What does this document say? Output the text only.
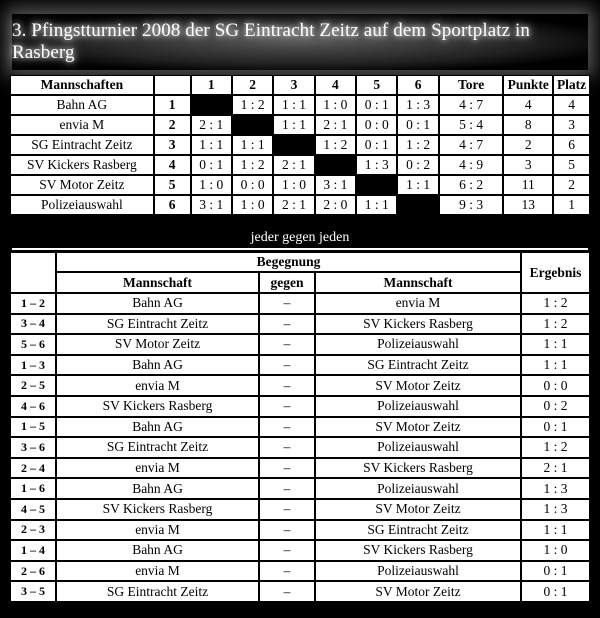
3. Pfingstturnier 2008 der SG Eintracht Zeitz auf dem Sportplatz in Rasberg
Mannschaften		1	2	3	4	5	6	Tore	Punkte	Platz
Bahn AG	1		1 : 2	1 : 1	1 : 0	0 : 1	1 : 3	4 : 7	4	4
envia M	2	2 : 1		1 : 1	2 : 1	0 : 0	0 : 1	5 : 4	8	3
SG Eintracht Zeitz	3	1 : 1	1 : 1		1 : 2	0 : 1	1 : 2	4 : 7	2	6
SV Kickers Rasberg	4	0 : 1	1 : 2	2 : 1		1 : 3	0 : 2	4 : 9	3	5
SV Motor Zeitz	5	1 : 0	0 : 0	1 : 0	3 : 1		1 : 1	6 : 2	11	2
Polizeiauswahl	6	3 : 1	1 : 0	2 : 1	2 : 0	1 : 1		9 : 3	13	1
jeder gegen jeden
	Begegnung			Ergebnis
	Mannschaft	gegen	Mannschaft	
1 – 2	Bahn AG	–	envia M	1 : 2
3 – 4	SG Eintracht Zeitz	–	SV Kickers Rasberg	1 : 2
5 – 6	SV Motor Zeitz	–	Polizeiauswahl	1 : 1
1 – 3	Bahn AG	–	SG Eintracht Zeitz	1 : 1
2 – 5	envia M	–	SV Motor Zeitz	0 : 0
4 – 6	SV Kickers Rasberg	–	Polizeiauswahl	0 : 2
1 – 5	Bahn AG	–	SV Motor Zeitz	0 : 1
3 – 6	SG Eintracht Zeitz	–	Polizeiauswahl	1 : 2
2 – 4	envia M	–	SV Kickers Rasberg	2 : 1
1 – 6	Bahn AG	–	Polizeiauswahl	1 : 3
4 – 5	SV Kickers Rasberg	–	SV Motor Zeitz	1 : 3
2 – 3	envia M	–	SG Eintracht Zeitz	1 : 1
1 – 4	Bahn AG	–	SV Kickers Rasberg	1 : 0
2 – 6	envia M	–	Polizeiauswahl	0 : 1
3 – 5	SG Eintracht Zeitz	–	SV Motor Zeitz	0 : 1
